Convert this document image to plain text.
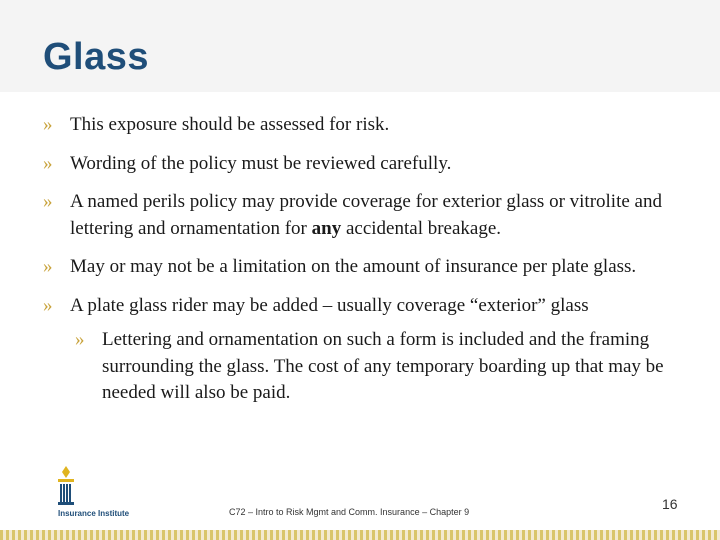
Glass
» This exposure should be assessed for risk.
» Wording of the policy must be reviewed carefully.
» A named perils policy may provide coverage for exterior glass or vitrolite and lettering and ornamentation for any accidental breakage.
» May or may not be a limitation on the amount of insurance per plate glass.
» A plate glass rider may be added – usually coverage “exterior” glass
» Lettering and ornamentation on such a form is included and the framing surrounding the glass. The cost of any temporary boarding up that may be needed will also be paid.
Insurance Institute	C72 – Intro to Risk Mgmt and Comm. Insurance – Chapter 9	16
